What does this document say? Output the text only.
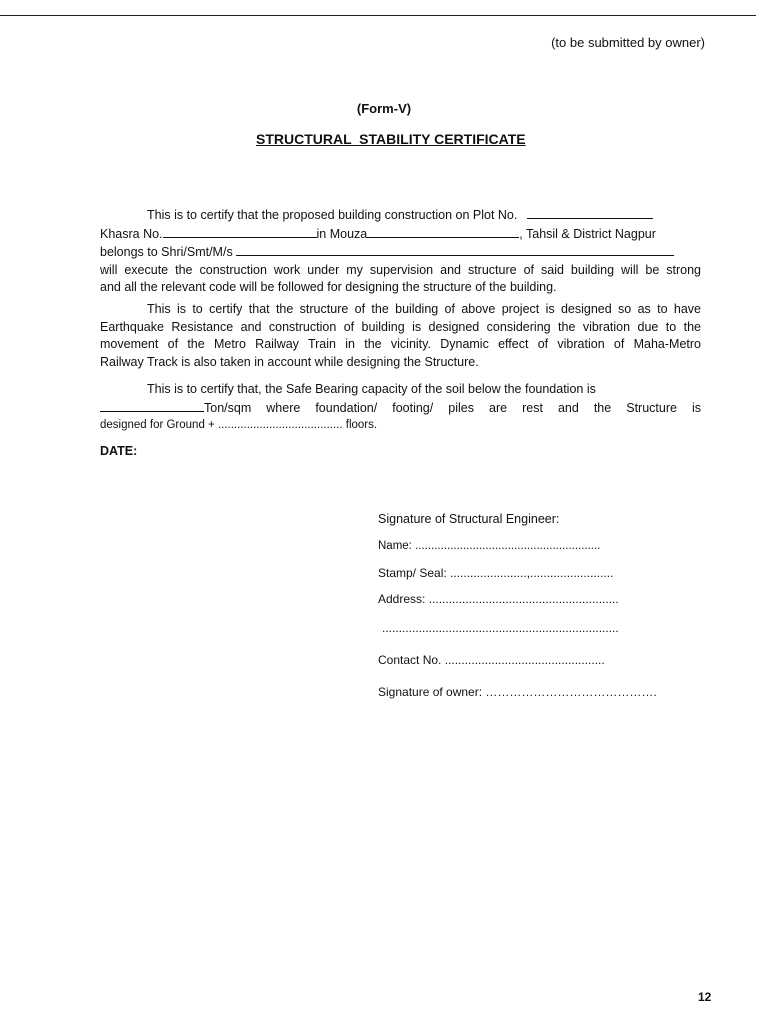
(to be submitted by owner)
(Form-V)
STRUCTURAL  STABILITY CERTIFICATE
This is to certify that the proposed building construction on Plot No.
Khasra No.	in Mouza	, Tahsil & District Nagpur
belongs to Shri/Smt/M/s
will execute the construction work under my supervision and structure of said building will be strong
and all the relevant code will be followed for designing the structure of the building.
This is to certify that the structure of the building of above project is designed so as to have
Earthquake Resistance and construction of building is designed considering the vibration due to the
movement of the Metro Railway Train in the vicinity. Dynamic effect of vibration of Maha-Metro
Railway Track is also taken in account while designing the Structure.
This is to certify that, the Safe Bearing capacity of the soil below the foundation is
Ton/sqm where foundation/ footing/ piles are rest and the Structure is
designed for Ground + ....................................... floors.
DATE:
Signature of Structural Engineer:
Name: ..........................................................
Stamp/ Seal: .......................,.........................
Address: .........................................................
.......................................................................
Contact No. ................................................
Signature of owner: …………………………………….
12
